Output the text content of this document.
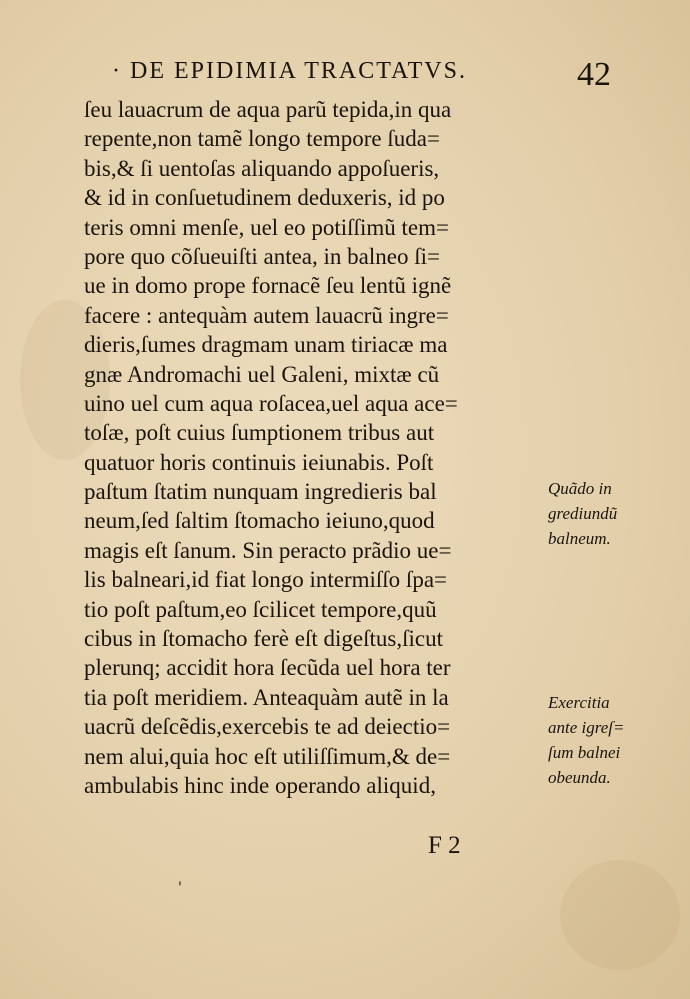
· DE EPIDIMIA TRACTATVS.	42
ſeu lauacrum de aqua parũ tepida,in qua
repente,non tamẽ longo tempore ſuda=
bis,& ſi uentoſas aliquando appoſueris,
& id in conſuetudinem deduxeris, id po
teris omni menſe, uel eo potiſſimũ tem=
pore quo cõſueuiſti antea, in balneo ſi=
ue in domo prope fornacẽ ſeu lentũ ignẽ
facere : antequàm autem lauacrũ ingre=
dieris,ſumes dragmam unam tiriacæ ma
gnæ Andromachi uel Galeni, mixtæ cũ
uino uel cum aqua roſacea,uel aqua ace=
toſæ, poſt cuius ſumptionem tribus aut
quatuor horis continuis ieiunabis. Poſt
paſtum ſtatim nunquam ingredieris bal
neum,ſed ſaltim ſtomacho ieiuno,quod
magis eſt ſanum. Sin peracto prãdio ue=
lis balneari,id fiat longo intermiſſo ſpa=
tio poſt paſtum,eo ſcilicet tempore,quũ
cibus in ſtomacho ferè eſt digeſtus,ſicut
plerunq; accidit hora ſecũda uel hora ter
tia poſt meridiem. Anteaquàm autẽ in la
uacrũ deſcẽdis,exercebis te ad deiectio=
nem alui,quia hoc eſt utiliſſimum,& de=
ambulabis hinc inde operando aliquid,
Quãdo in
grediundũ
balneum.
Exercitia
ante igreſ=
ſum balnei
obeunda.
F 2
'
